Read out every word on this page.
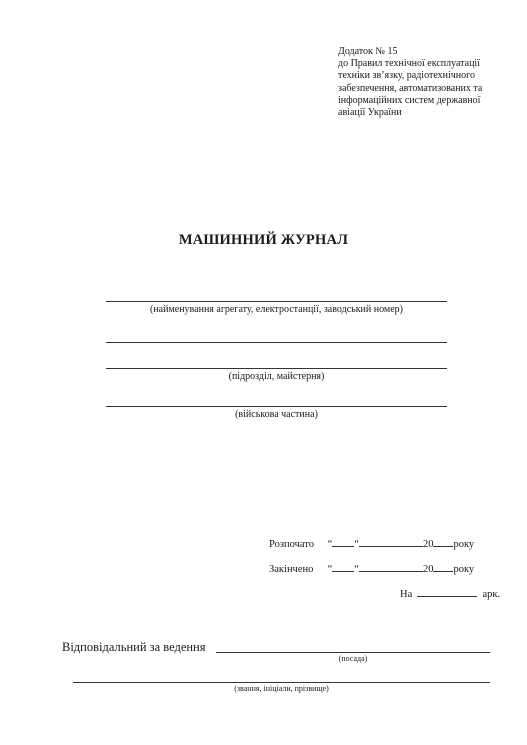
Додаток № 15
до Правил технічної експлуатації
техніки зв’язку, радіотехнічного
забезпечення, автоматизованих та
інформаційних систем державної
авіації України
МАШИННИЙ ЖУРНАЛ
(найменування агрегату, електростанції, заводський номер)
(підрозділ, майстерня)
(військова частина)
Розпочато “ “	20 року
Закінчено “ “	20 року
На	арк.
Відповідальний за ведення
(посада)
(звання, ініціали, прізвище)
